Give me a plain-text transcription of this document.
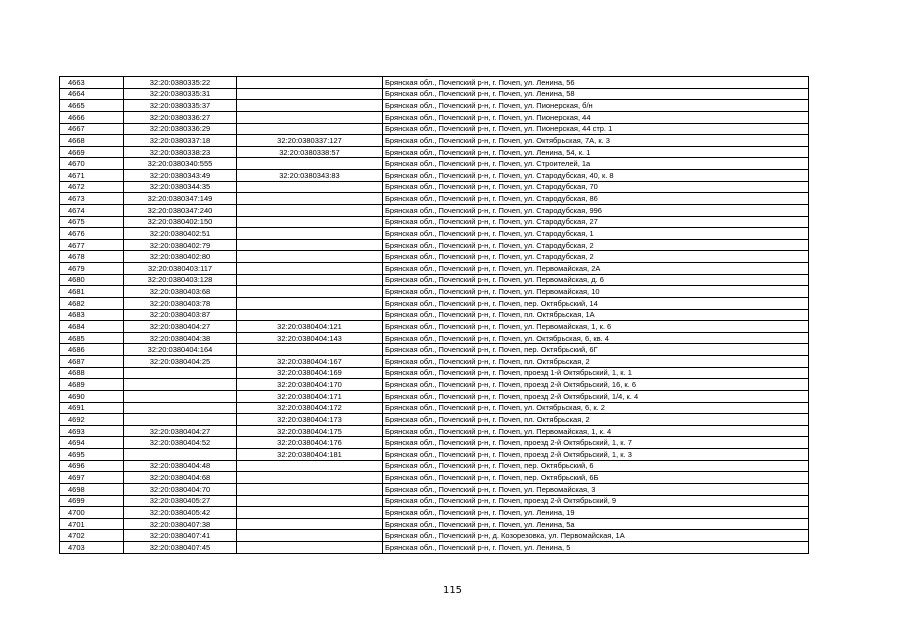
4663	32:20:0380335:22		Брянская обл., Почепский р-н, г. Почеп, ул. Ленина, 56
4664	32:20:0380335:31		Брянская обл., Почепский р-н, г. Почеп, ул. Ленина, 58
4665	32:20:0380335:37		Брянская обл., Почепский р-н, г. Почеп, ул. Пионерская, б/н
4666	32:20:0380336:27		Брянская обл., Почепский р-н, г. Почеп, ул. Пионерская, 44
4667	32:20:0380336:29		Брянская обл., Почепский р-н, г. Почеп, ул. Пионерская, 44 стр. 1
4668	32:20:0380337:18	32:20:0380337:127	Брянская обл., Почепский р-н, г. Почеп, ул. Октябрьская, 7А, к. 3
4669	32:20:0380338:23	32:20:0380338:57	Брянская обл., Почепский р-н, г. Почеп, ул. Ленина, 54, к. 1
4670	32:20:0380340:555		Брянская обл., Почепский р-н, г. Почеп, ул. Строителей, 1а
4671	32:20:0380343:49	32:20:0380343:83	Брянская обл., Почепский р-н, г. Почеп, ул. Стародубская, 40, к. 8
4672	32:20:0380344:35		Брянская обл., Почепский р-н, г. Почеп, ул. Стародубская, 70
4673	32:20:0380347:149		Брянская обл., Почепский р-н, г. Почеп, ул. Стародубская, 86
4674	32:20:0380347:240		Брянская обл., Почепский р-н, г. Почеп, ул. Стародубская, 996
4675	32:20:0380402:150		Брянская обл., Почепский р-н, г. Почеп, ул. Стародубская, 27
4676	32:20:0380402:51		Брянская обл., Почепский р-н, г. Почеп, ул. Стародубская, 1
4677	32:20:0380402:79		Брянская обл., Почепский р-н, г. Почеп, ул. Стародубская, 2
4678	32:20:0380402:80		Брянская обл., Почепский р-н, г. Почеп, ул. Стародубская, 2
4679	32:20:0380403:117		Брянская обл., Почепский р-н, г. Почеп, ул. Первомайская, 2А
4680	32:20:0380403:128		Брянская обл., Почепский р-н, г. Почеп, ул. Первомайская, д. 6
4681	32:20:0380403:68		Брянская обл., Почепский р-н, г. Почеп, ул. Первомайская, 10
4682	32:20:0380403:78		Брянская обл., Почепский р-н, г. Почеп, пер. Октябрьский, 14
4683	32:20:0380403:87		Брянская обл., Почепский р-н, г. Почеп, пл. Октябрьская, 1А
4684	32:20:0380404:27	32:20:0380404:121	Брянская обл., Почепский р-н, г. Почеп, ул. Первомайская, 1, к. 6
4685	32:20:0380404:38	32:20:0380404:143	Брянская обл., Почепский р-н, г. Почеп, ул. Октябрьская, 6, кв. 4
4686	32:20:0380404:164		Брянская обл., Почепский р-н, г. Почеп, пер. Октябрьский, 6Г
4687	32:20:0380404:25	32:20:0380404:167	Брянская обл., Почепский р-н, г. Почеп, пл. Октябрьская, 2
4688		32:20:0380404:169	Брянская обл., Почепский р-н, г. Почеп, проезд 1-й Октябрьский, 1, к. 1
4689		32:20:0380404:170	Брянская обл., Почепский р-н, г. Почеп, проезд 2-й Октябрьский, 16, к. 6
4690		32:20:0380404:171	Брянская обл., Почепский р-н, г. Почеп, проезд 2-й Октябрьский, 1/4, к. 4
4691		32:20:0380404:172	Брянская обл., Почепский р-н, г. Почеп, ул. Октябрьская, 6, к. 2
4692		32:20:0380404:173	Брянская обл., Почепский р-н, г. Почеп, пл. Октябрьская, 2
4693	32:20:0380404:27	32:20:0380404:175	Брянская обл., Почепский р-н, г. Почеп, ул. Первомайская, 1, к. 4
4694	32:20:0380404:52	32:20:0380404:176	Брянская обл., Почепский р-н, г. Почеп, проезд 2-й Октябрьский, 1, к. 7
4695		32:20:0380404:181	Брянская обл., Почепский р-н, г. Почеп, проезд 2-й Октябрьский, 1, к. 3
4696	32:20:0380404:48		Брянская обл., Почепский р-н, г. Почеп, пер. Октябрьский, 6
4697	32:20:0380404:68		Брянская обл., Почепский р-н, г. Почеп, пер. Октябрьский, 6Б
4698	32:20:0380404:70		Брянская обл., Почепский р-н, г. Почеп, ул. Первомайская, 3
4699	32:20:0380405:27		Брянская обл., Почепский р-н, г. Почеп, проезд 2-й Октябрьский, 9
4700	32:20:0380405:42		Брянская обл., Почепский р-н, г. Почеп, ул. Ленина, 19
4701	32:20:0380407:38		Брянская обл., Почепский р-н, г. Почеп, ул. Ленина, 5а
4702	32:20:0380407:41		Брянская обл., Почепский р-н, д. Козорезовка, ул. Первомайская, 1А
4703	32:20:0380407:45		Брянская обл., Почепский р-н, г. Почеп, ул. Ленина, 5
115
